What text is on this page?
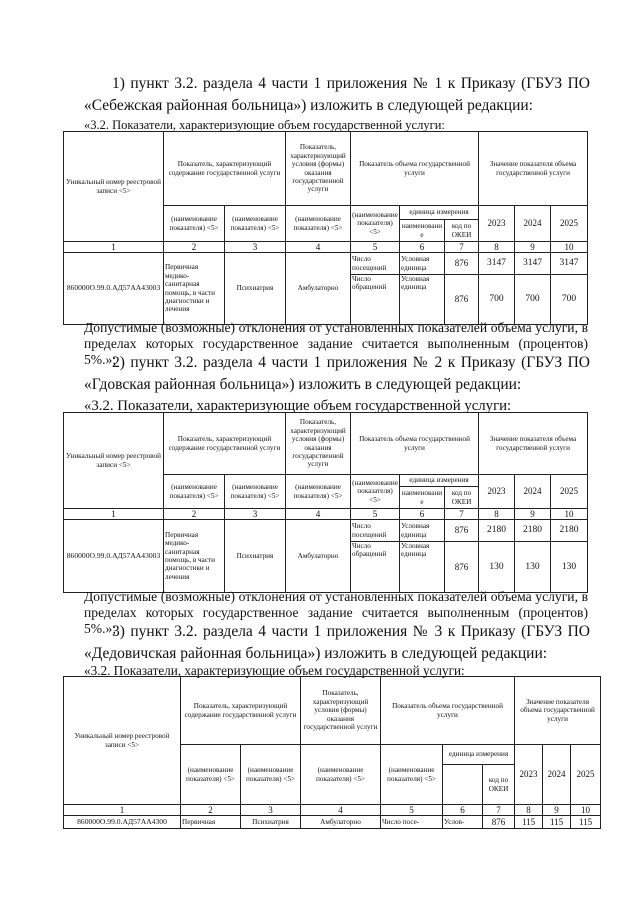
1) пункт 3.2. раздела 4 части 1 приложения № 1 к Приказу (ГБУЗ ПО
«Себежская районная больница») изложить в следующей редакции:
«3.2. Показатели, характеризующие объем государственной услуги:
Уникальный номер реестровой записи <5>	Показатель, характеризующий содержание государственной услуги		Показатель, характеризующий условия (формы) оказания государственной услуги	Показатель объема государственной услуги			Значение показателя объема государственной услуги		
	(наименование показателя) <5>	(наименование показателя) <5>	(наименование показателя) <5>	(наименование показателя) <5>	единица измерения		2023	2024	2025
					наименование	код по ОКЕИ			
1	2	3	4	5	6	7	8	9	10
860000О.99.0.АД57АА43003	Первичная медико-санитарная помощь, в части диагностики и лечения	Психиатрия	Амбулаторно	Число посещений	Условная единица	876	3147	3147	3147
				Число обращений	Условная единица	876	700	700	700
Допустимые (возможные) отклонения от установленных показателей объема услуги, в пределах которых государственное задание считается выполненным (процентов) 5%.»;
2) пункт 3.2. раздела 4 части 1 приложения № 2 к Приказу (ГБУЗ ПО
«Гдовская районная больница») изложить в следующей редакции:
«3.2. Показатели, характеризующие объем государственной услуги:
Уникальный номер реестровой записи <5>	Показатель, характеризующий содержание государственной услуги		Показатель, характеризующий условия (формы) оказания государственной услуги	Показатель объема государственной услуги			Значение показателя объема государственной услуги		
	(наименование показателя) <5>	(наименование показателя) <5>	(наименование показателя) <5>	(наименование показателя) <5>	единица измерения		2023	2024	2025
					наименование	код по ОКЕИ			
1	2	3	4	5	6	7	8	9	10
860000О.99.0.АД57АА43003	Первичная медико-санитарная помощь, в части диагностики и лечения	Психиатрия	Амбулаторно	Число посещений	Условная единица	876	2180	2180	2180
				Число обращений	Условная единица	876	130	130	130
Допустимые (возможные) отклонения от установленных показателей объема услуги, в пределах которых государственное задание считается выполненным (процентов) 5%.»;
3) пункт 3.2. раздела 4 части 1 приложения № 3 к Приказу (ГБУЗ ПО
«Дедовичская районная больница») изложить в следующей редакции:
«3.2. Показатели, характеризующие объем государственной услуги:
Уникальный номер реестровой записи <5>	Показатель, характеризующий содержание государственной услуги		Показатель, характеризующий условия (формы) оказания государственной услуги	Показатель объема государственной услуги			Значение показателя объема государственной услуги		
	(наименование показателя) <5>	(наименование показателя) <5>	(наименование показателя) <5>	(наименование показателя) <5>	единица измерения		2023	2024	2025
						код по ОКЕИ			
1	2	3	4	5	6	7	8	9	10
860000О.99.0.АД57АА4300	Первичная	Психиатрия	Амбулаторно	Число посе-	Услов-	876	115	115	115
